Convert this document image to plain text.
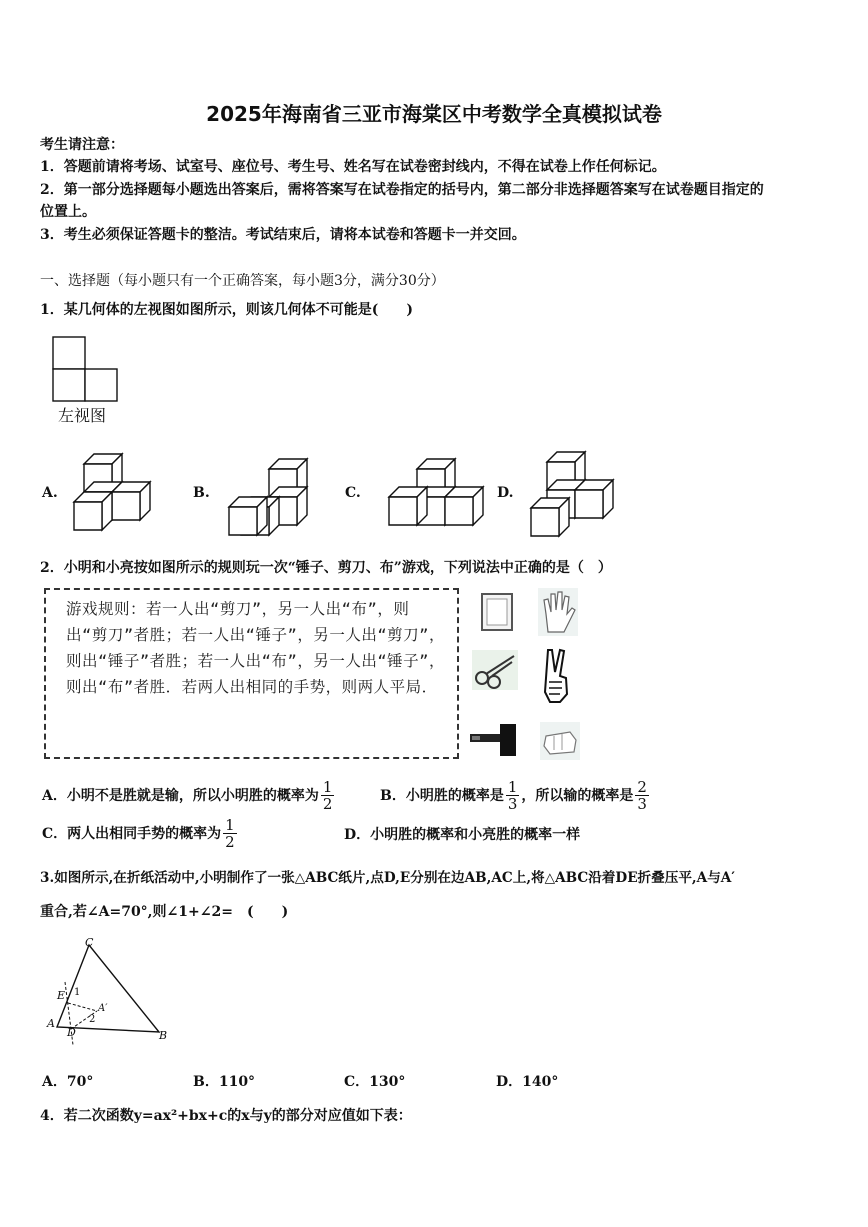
2025年海南省三亚市海棠区中考数学全真模拟试卷
考生请注意：
1．答题前请将考场、试室号、座位号、考生号、姓名写在试卷密封线内，不得在试卷上作任何标记。
2．第一部分选择题每小题选出答案后，需将答案写在试卷指定的括号内，第二部分非选择题答案写在试卷题目指定的
位置上。
3．考生必须保证答题卡的整洁。考试结束后，请将本试卷和答题卡一并交回。
一、选择题（每小题只有一个正确答案，每小题3分，满分30分）
1．某几何体的左视图如图所示，则该几何体不可能是(　　)
左视图
A.	B.	C.	D.
2．小明和小亮按如图所示的规则玩一次“锤子、剪刀、布”游戏，下列说法中正确的是（　）
游戏规则：若一人出“剪刀”，另一人出“布”，则出“剪刀”者胜；若一人出“锤子”，另一人出“剪刀”，则出“锤子”者胜；若一人出“布”，另一人出“锤子”，则出“布”者胜．若两人出相同的手势，则两人平局．
A．小明不是胜就是输，所以小明胜的概率为 $\frac{1}{2}$	B．小明胜的概率是 $\frac{1}{3}$ ，所以输的概率是 $\frac{2}{3}$
C．两人出相同手势的概率为 $\frac{1}{2}$	D．小明胜的概率和小亮胜的概率一样
3.如图所示,在折纸活动中,小明制作了一张△ABC纸片,点D,E分别在边AB,AC上,将△ABC沿着DE折叠压平,A与A′
重合,若∠A=70°,则∠1+∠2=　(　　)
C
E 1
A′
2
A
D	B
A．70°	B．110°	C．130°	D．140°
4．若二次函数y=ax²+bx+c的x与y的部分对应值如下表：
